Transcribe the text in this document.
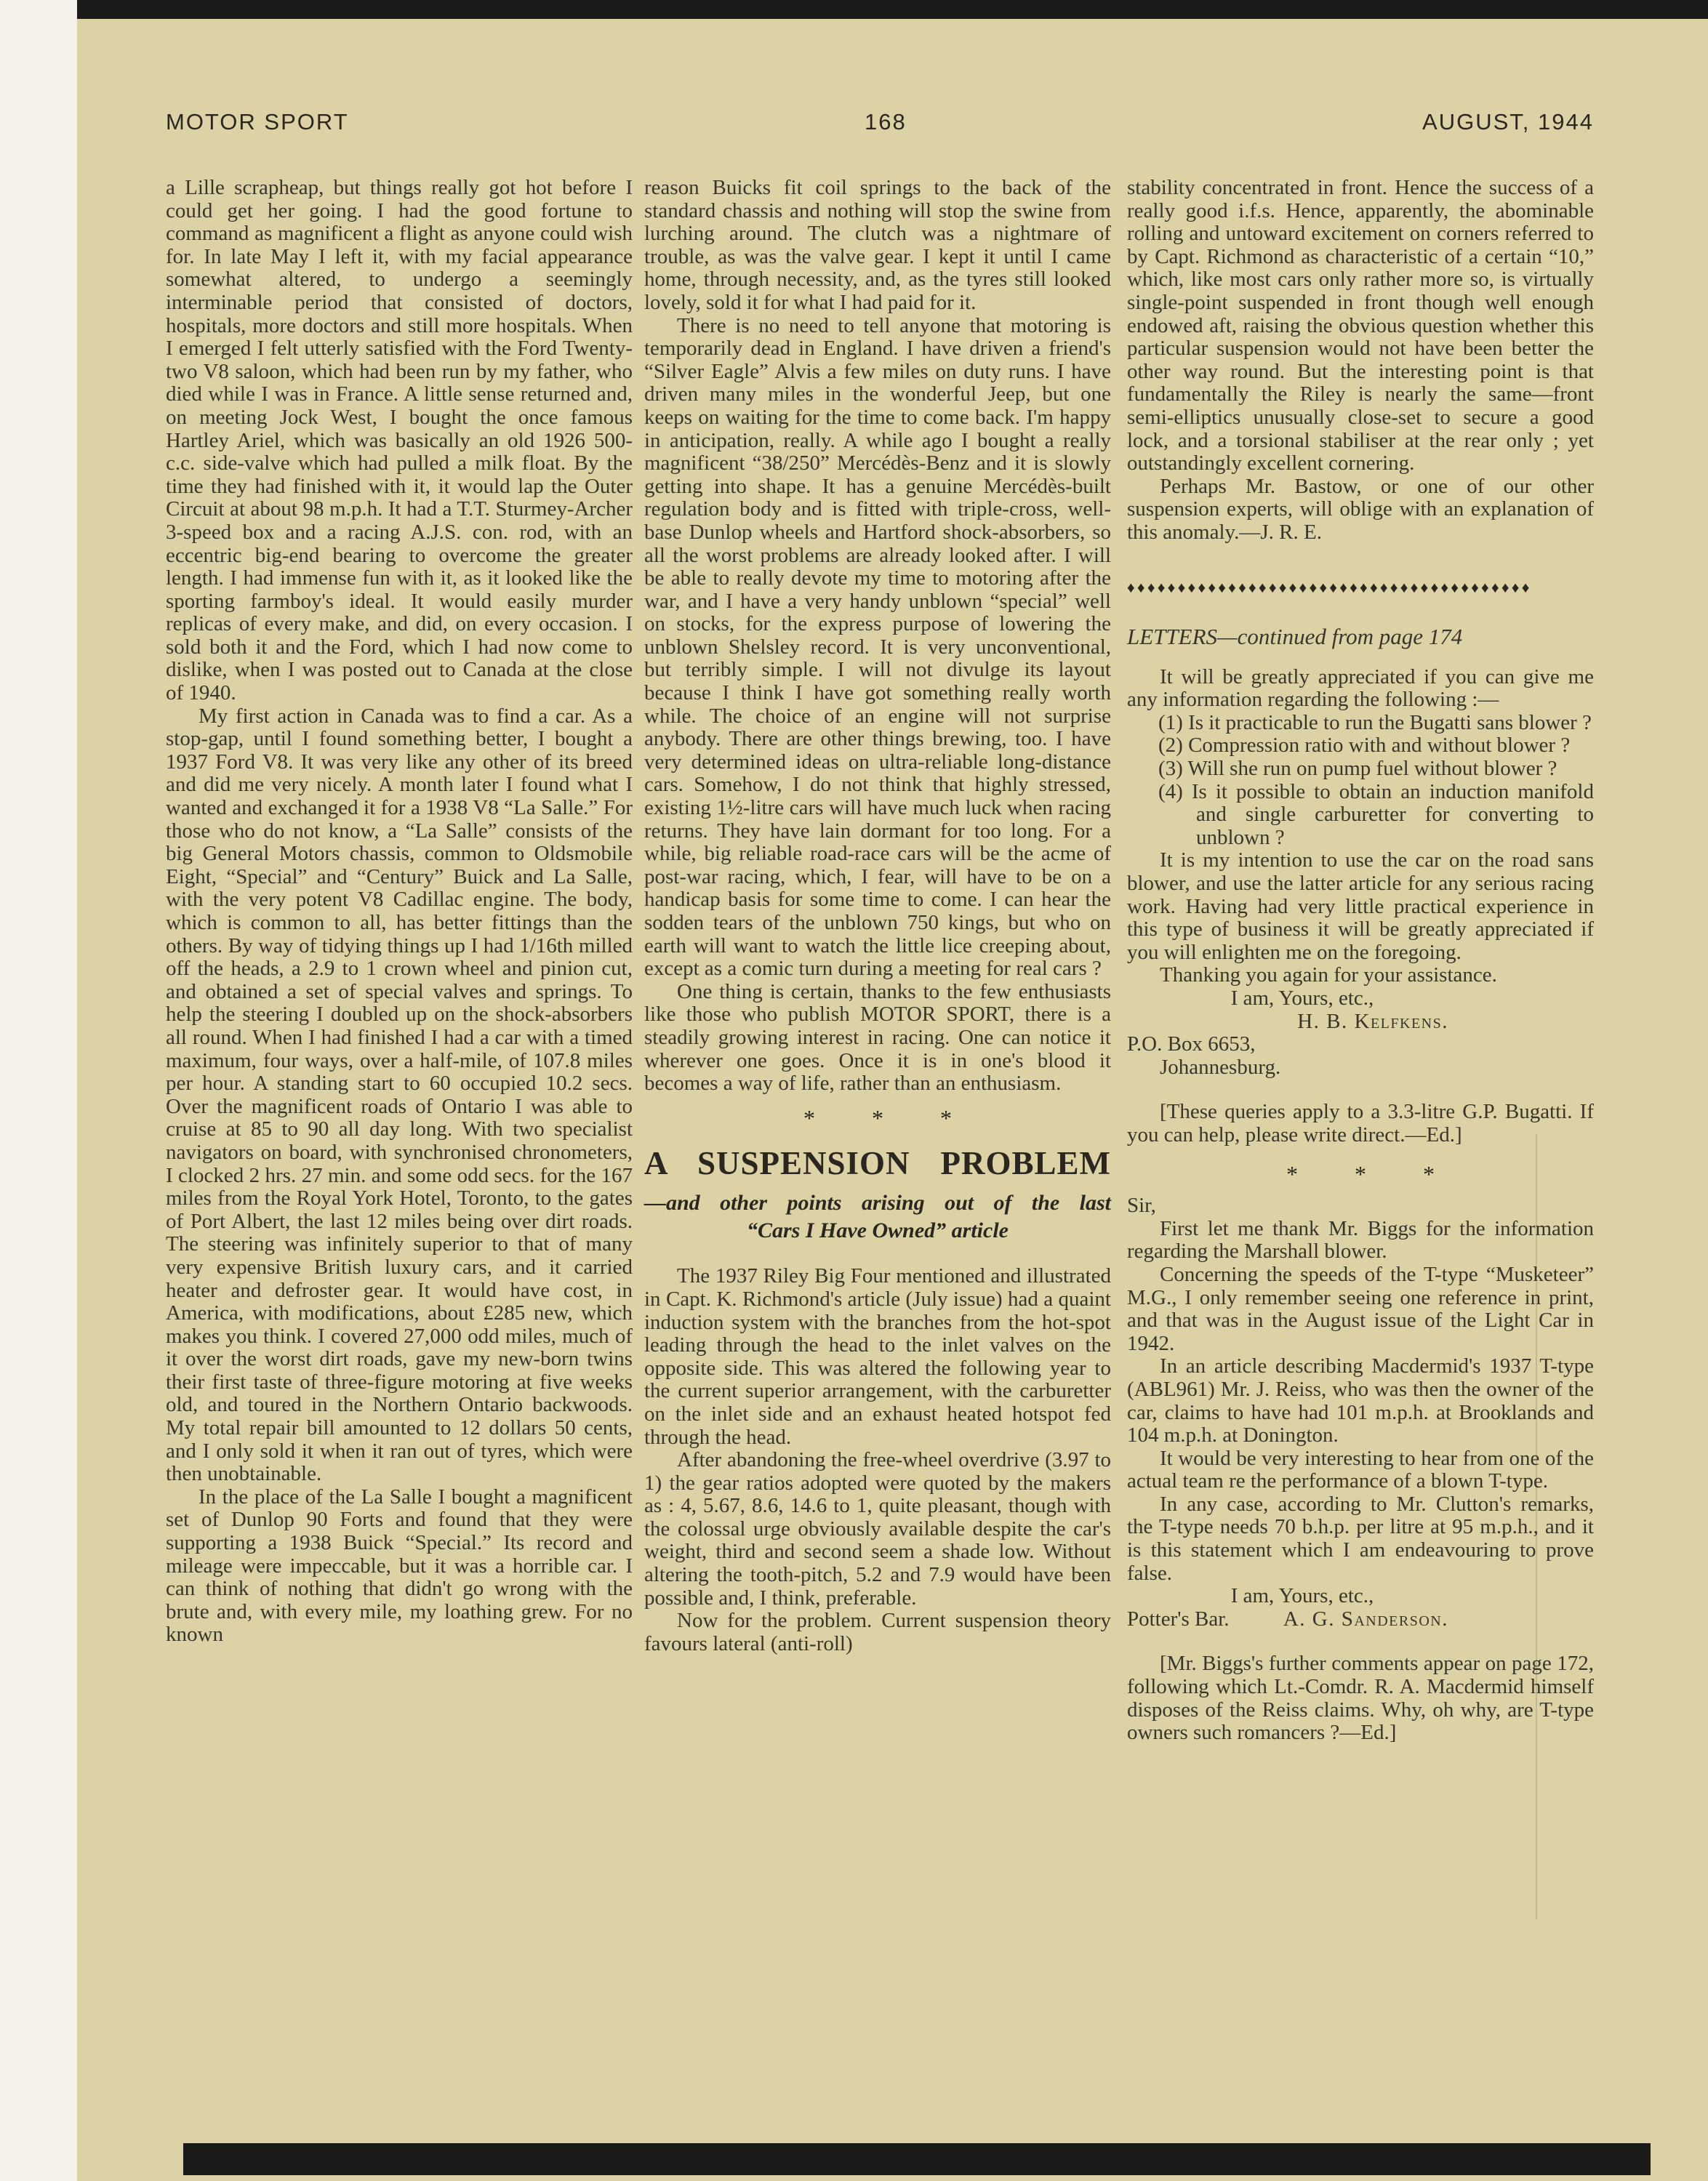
MOTOR SPORT	168	AUGUST, 1944

a Lille scrapheap, but things really got hot before I could get her going. I had the good fortune to command as magnificent a flight as anyone could wish for. In late May I left it, with my facial appearance somewhat altered, to undergo a seemingly interminable period that consisted of doctors, hospitals, more doctors and still more hospitals. When I emerged I felt utterly satisfied with the Ford Twenty-two V8 saloon, which had been run by my father, who died while I was in France. A little sense returned and, on meeting Jock West, I bought the once famous Hartley Ariel, which was basically an old 1926 500-c.c. side-valve which had pulled a milk float. By the time they had finished with it, it would lap the Outer Circuit at about 98 m.p.h. It had a T.T. Sturmey-Archer 3-speed box and a racing A.J.S. con. rod, with an eccentric big-end bearing to overcome the greater length. I had immense fun with it, as it looked like the sporting farmboy's ideal. It would easily murder replicas of every make, and did, on every occasion. I sold both it and the Ford, which I had now come to dislike, when I was posted out to Canada at the close of 1940.

My first action in Canada was to find a car. As a stop-gap, until I found something better, I bought a 1937 Ford V8. It was very like any other of its breed and did me very nicely. A month later I found what I wanted and exchanged it for a 1938 V8 “La Salle.” For those who do not know, a “La Salle” consists of the big General Motors chassis, common to Oldsmobile Eight, “Special” and “Century” Buick and La Salle, with the very potent V8 Cadillac engine. The body, which is common to all, has better fittings than the others. By way of tidying things up I had 1/16th milled off the heads, a 2.9 to 1 crown wheel and pinion cut, and obtained a set of special valves and springs. To help the steering I doubled up on the shock-absorbers all round. When I had finished I had a car with a timed maximum, four ways, over a half-mile, of 107.8 miles per hour. A standing start to 60 occupied 10.2 secs. Over the magnificent roads of Ontario I was able to cruise at 85 to 90 all day long. With two specialist navigators on board, with synchronised chronometers, I clocked 2 hrs. 27 min. and some odd secs. for the 167 miles from the Royal York Hotel, Toronto, to the gates of Port Albert, the last 12 miles being over dirt roads. The steering was infinitely superior to that of many very expensive British luxury cars, and it carried heater and defroster gear. It would have cost, in America, with modifications, about £285 new, which makes you think. I covered 27,000 odd miles, much of it over the worst dirt roads, gave my new-born twins their first taste of three-figure motoring at five weeks old, and toured in the Northern Ontario backwoods. My total repair bill amounted to 12 dollars 50 cents, and I only sold it when it ran out of tyres, which were then unobtainable.

In the place of the La Salle I bought a magnificent set of Dunlop 90 Forts and found that they were supporting a 1938 Buick “Special.” Its record and mileage were impeccable, but it was a horrible car. I can think of nothing that didn't go wrong with the brute and, with every mile, my loathing grew. For no known

reason Buicks fit coil springs to the back of the standard chassis and nothing will stop the swine from lurching around. The clutch was a nightmare of trouble, as was the valve gear. I kept it until I came home, through necessity, and, as the tyres still looked lovely, sold it for what I had paid for it.

There is no need to tell anyone that motoring is temporarily dead in England. I have driven a friend's “Silver Eagle” Alvis a few miles on duty runs. I have driven many miles in the wonderful Jeep, but one keeps on waiting for the time to come back. I'm happy in anticipation, really. A while ago I bought a really magnificent “38/250” Mercédès-Benz and it is slowly getting into shape. It has a genuine Mercédès-built regulation body and is fitted with triple-cross, well-base Dunlop wheels and Hartford shock-absorbers, so all the worst problems are already looked after. I will be able to really devote my time to motoring after the war, and I have a very handy unblown “special” well on stocks, for the express purpose of lowering the unblown Shelsley record. It is very unconventional, but terribly simple. I will not divulge its layout because I think I have got something really worth while. The choice of an engine will not surprise anybody. There are other things brewing, too. I have very determined ideas on ultra-reliable long-distance cars. Somehow, I do not think that highly stressed, existing 1½-litre cars will have much luck when racing returns. They have lain dormant for too long. For a while, big reliable road-race cars will be the acme of post-war racing, which, I fear, will have to be on a handicap basis for some time to come. I can hear the sodden tears of the unblown 750 kings, but who on earth will want to watch the little lice creeping about, except as a comic turn during a meeting for real cars ?

One thing is certain, thanks to the few enthusiasts like those who publish MOTOR SPORT, there is a steadily growing interest in racing. One can notice it wherever one goes. Once it is in one's blood it becomes a way of life, rather than an enthusiasm.

* * *
A SUSPENSION PROBLEM
—and other points arising out of the last
“Cars I Have Owned” article

The 1937 Riley Big Four mentioned and illustrated in Capt. K. Richmond's article (July issue) had a quaint induction system with the branches from the hot-spot leading through the head to the inlet valves on the opposite side. This was altered the following year to the current superior arrangement, with the carburetter on the inlet side and an exhaust heated hotspot fed through the head.

After abandoning the free-wheel overdrive (3.97 to 1) the gear ratios adopted were quoted by the makers as : 4, 5.67, 8.6, 14.6 to 1, quite pleasant, though with the colossal urge obviously available despite the car's weight, third and second seem a shade low. Without altering the tooth-pitch, 5.2 and 7.9 would have been possible and, I think, preferable.

Now for the problem. Current suspension theory favours lateral (anti-roll)

stability concentrated in front. Hence the success of a really good i.f.s. Hence, apparently, the abominable rolling and untoward excitement on corners referred to by Capt. Richmond as characteristic of a certain “10,” which, like most cars only rather more so, is virtually single-point suspended in front though well enough endowed aft, raising the obvious question whether this particular suspension would not have been better the other way round. But the interesting point is that fundamentally the Riley is nearly the same—front semi-elliptics unusually close-set to secure a good lock, and a torsional stabiliser at the rear only ; yet outstandingly excellent cornering.

Perhaps Mr. Bastow, or one of our other suspension experts, will oblige with an explanation of this anomaly.—J. R. E.

♦♦♦♦♦♦♦♦♦♦♦♦♦♦♦♦♦♦♦♦♦♦♦♦♦♦♦♦♦♦♦♦♦♦♦♦♦♦♦♦
LETTERS—continued from page 174

It will be greatly appreciated if you can give me any information regarding the following :—

(1) Is it practicable to run the Bugatti sans blower ?

(2) Compression ratio with and without blower ?

(3) Will she run on pump fuel without blower ?

(4) Is it possible to obtain an induction manifold and single carburetter for converting to unblown ?

It is my intention to use the car on the road sans blower, and use the latter article for any serious racing work. Having had very little practical experience in this type of business it will be greatly appreciated if you will enlighten me on the foregoing.

Thanking you again for your assistance.

I am, Yours, etc.,

H. B. Kelfkens.

P.O. Box 6653,

Johannesburg.

[These queries apply to a 3.3-litre G.P. Bugatti. If you can help, please write direct.—Ed.]

* * *

Sir,

First let me thank Mr. Biggs for the information regarding the Marshall blower.

Concerning the speeds of the T-type “Musketeer” M.G., I only remember seeing one reference in print, and that was in the August issue of the Light Car in 1942.

In an article describing Macdermid's 1937 T-type (ABL961) Mr. J. Reiss, who was then the owner of the car, claims to have had 101 m.p.h. at Brooklands and 104 m.p.h. at Donington.

It would be very interesting to hear from one of the actual team re the performance of a blown T-type.

In any case, according to Mr. Clutton's remarks, the T-type needs 70 b.h.p. per litre at 95 m.p.h., and it is this statement which I am endeavouring to prove false.

I am, Yours, etc.,

Potter's Bar.	A. G. Sanderson.

[Mr. Biggs's further comments appear on page 172, following which Lt.-Comdr. R. A. Macdermid himself disposes of the Reiss claims. Why, oh why, are T-type owners such romancers ?—Ed.]
